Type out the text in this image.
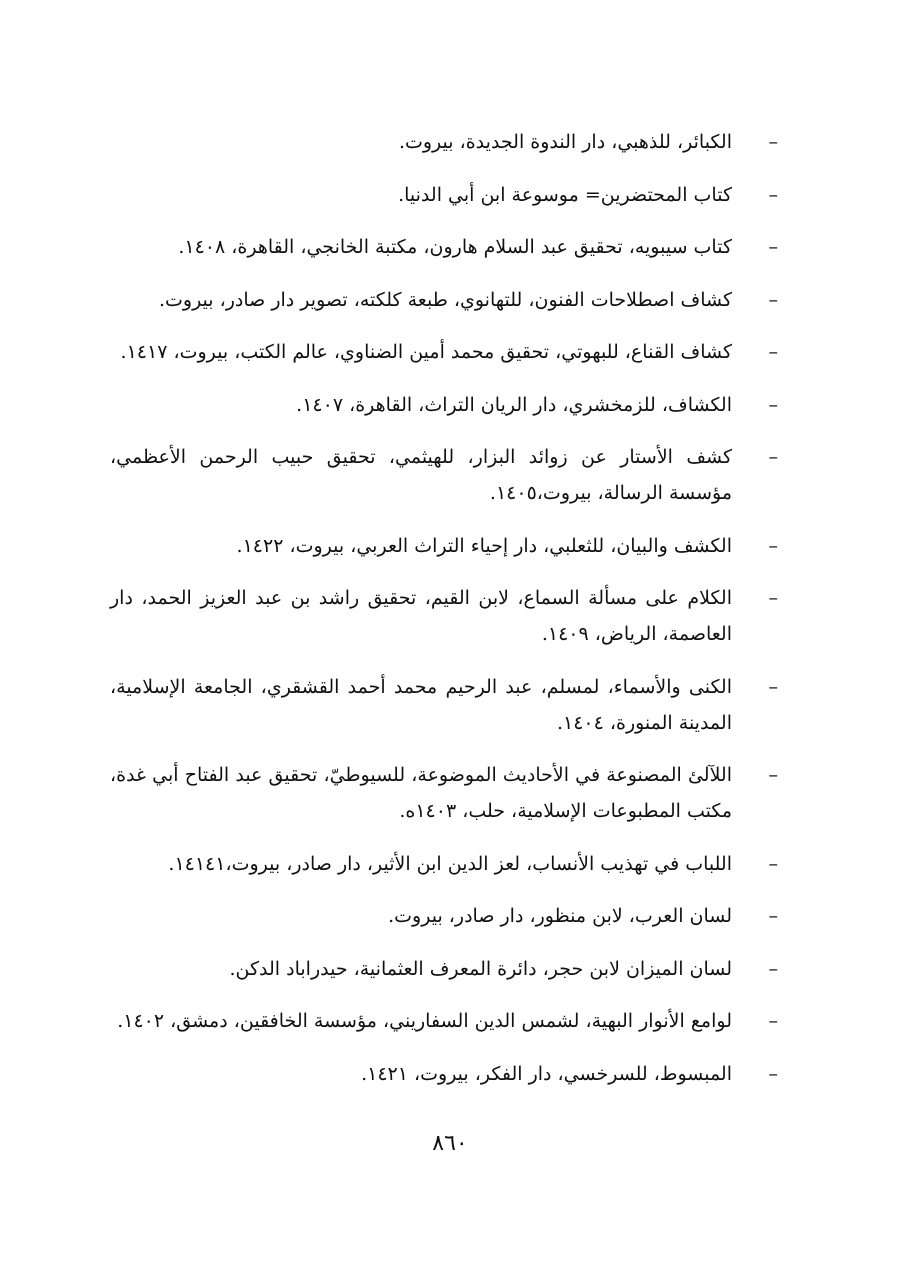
–
الكبائر، للذهبي، دار الندوة الجديدة، بيروت.
–
كتاب المحتضرين= موسوعة ابن أبي الدنيا.
–
كتاب سيبويه، تحقيق عبد السلام هارون، مكتبة الخانجي، القاهرة، ١٤٠٨.
–
كشاف اصطلاحات الفنون، للتهانوي، طبعة كلكته، تصوير دار صادر، بيروت.
–
كشاف القناع، للبهوتي، تحقيق محمد أمين الضناوي، عالم الكتب، بيروت، ١٤١٧.
–
الكشاف، للزمخشري، دار الريان التراث، القاهرة، ١٤٠٧.
–
كشف الأستار عن زوائد البزار، للهيثمي، تحقيق حبيب الرحمن الأعظمي، مؤسسة الرسالة، بيروت،١٤٠٥.
–
الكشف والبيان، للثعلبي، دار إحياء التراث العربي، بيروت، ١٤٢٢.
–
الكلام على مسألة السماع، لابن القيم، تحقيق راشد بن عبد العزيز الحمد، دار العاصمة، الرياض، ١٤٠٩.
–
الكنى والأسماء، لمسلم، عبد الرحيم محمد أحمد القشقري، الجامعة الإسلامية، المدينة المنورة، ١٤٠٤.
–
اللآلئ المصنوعة في الأحاديث الموضوعة، للسيوطيّ، تحقيق عبد الفتاح أبي غدة، مكتب المطبوعات الإسلامية، حلب، ١٤٠٣ه.
–
اللباب في تهذيب الأنساب، لعز الدين ابن الأثير، دار صادر، بيروت،١٤١٤١.
–
لسان العرب، لابن منظور، دار صادر، بيروت.
–
لسان الميزان لابن حجر، دائرة المعرف العثمانية، حيدراباد الدكن.
–
لوامع الأنوار البهية، لشمس الدين السفاريني، مؤسسة الخافقين، دمشق، ١٤٠٢.
–
المبسوط، للسرخسي، دار الفكر، بيروت، ١٤٢١.
٨٦٠
